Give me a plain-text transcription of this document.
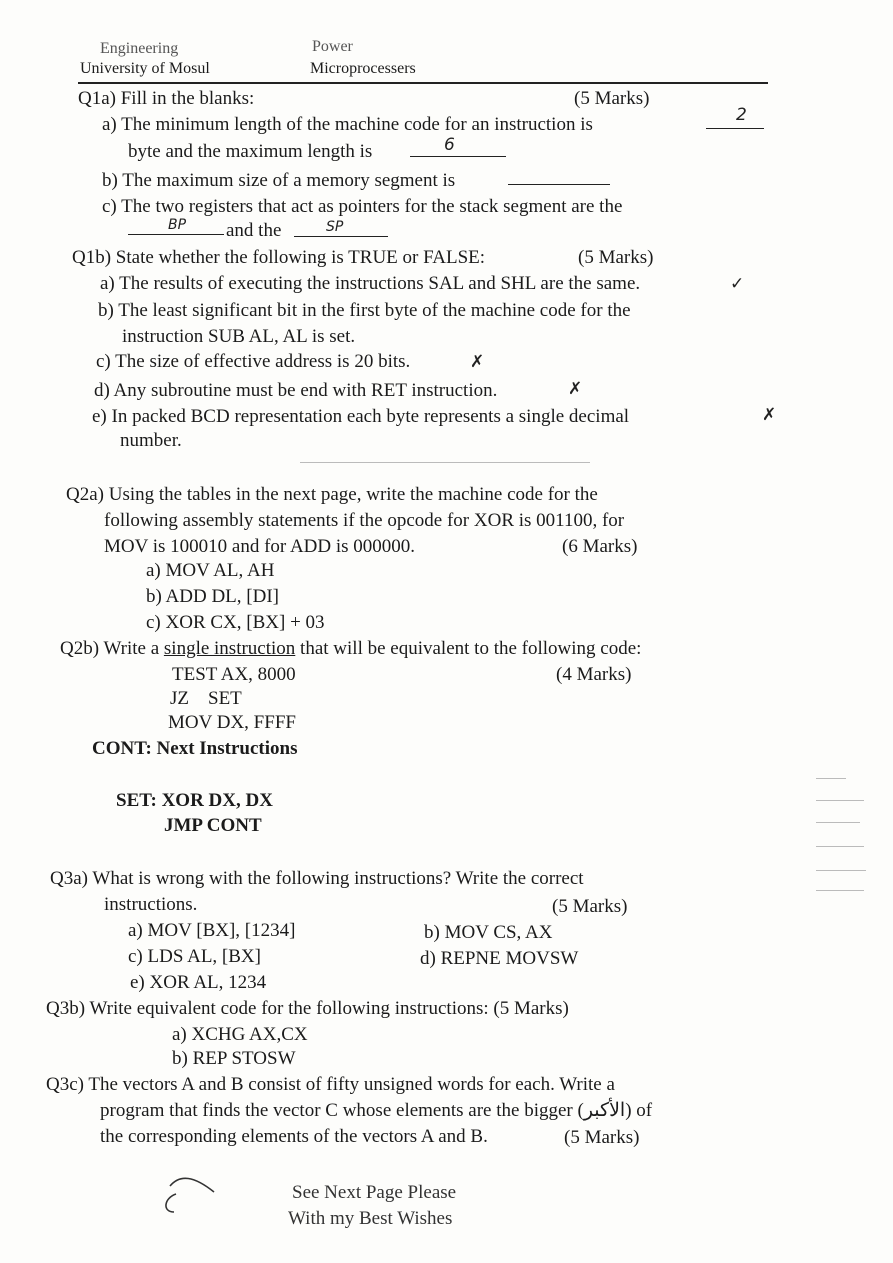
Engineering	Power
University of Mosul	Microprocessers
Q1a) Fill in the blanks:	(5 Marks)
a) The minimum length of the machine code for an instruction is	2
byte and the maximum length is	6
b) The maximum size of a memory segment is
c) The two registers that act as pointers for the stack segment are the
BP and the	SP
Q1b) State whether the following is TRUE or FALSE:	(5 Marks)
a) The results of executing the instructions SAL and SHL are the same.	✓
b) The least significant bit in the first byte of the machine code for the
instruction SUB AL, AL is set.
c) The size of effective address is 20 bits.	✗
d) Any subroutine must be end with RET instruction.	✗
e) In packed BCD representation each byte represents a single decimal	✗
number.
Q2a) Using the tables in the next page, write the machine code for the
following assembly statements if the opcode for XOR is 001100, for
MOV is 100010 and for ADD is 000000.	(6 Marks)
a) MOV AL, AH
b) ADD DL, [DI]
c) XOR CX, [BX] + 03
Q2b) Write a single instruction that will be equivalent to the following code:
TEST AX, 8000	(4 Marks)
JZ    SET
MOV DX, FFFF
CONT: Next Instructions
SET: XOR DX, DX
JMP CONT
Q3a) What is wrong with the following instructions? Write the correct
instructions.	(5 Marks)
a) MOV [BX], [1234]	b) MOV CS, AX
c) LDS AL, [BX]	d) REPNE MOVSW
e) XOR AL, 1234
Q3b) Write equivalent code for the following instructions: (5 Marks)
a) XCHG AX,CX
b) REP STOSW
Q3c) The vectors A and B consist of fifty unsigned words for each. Write a
program that finds the vector C whose elements are the bigger (الأكبر) of
the corresponding elements of the vectors A and B.	(5 Marks)
See Next Page Please
With my Best Wishes
